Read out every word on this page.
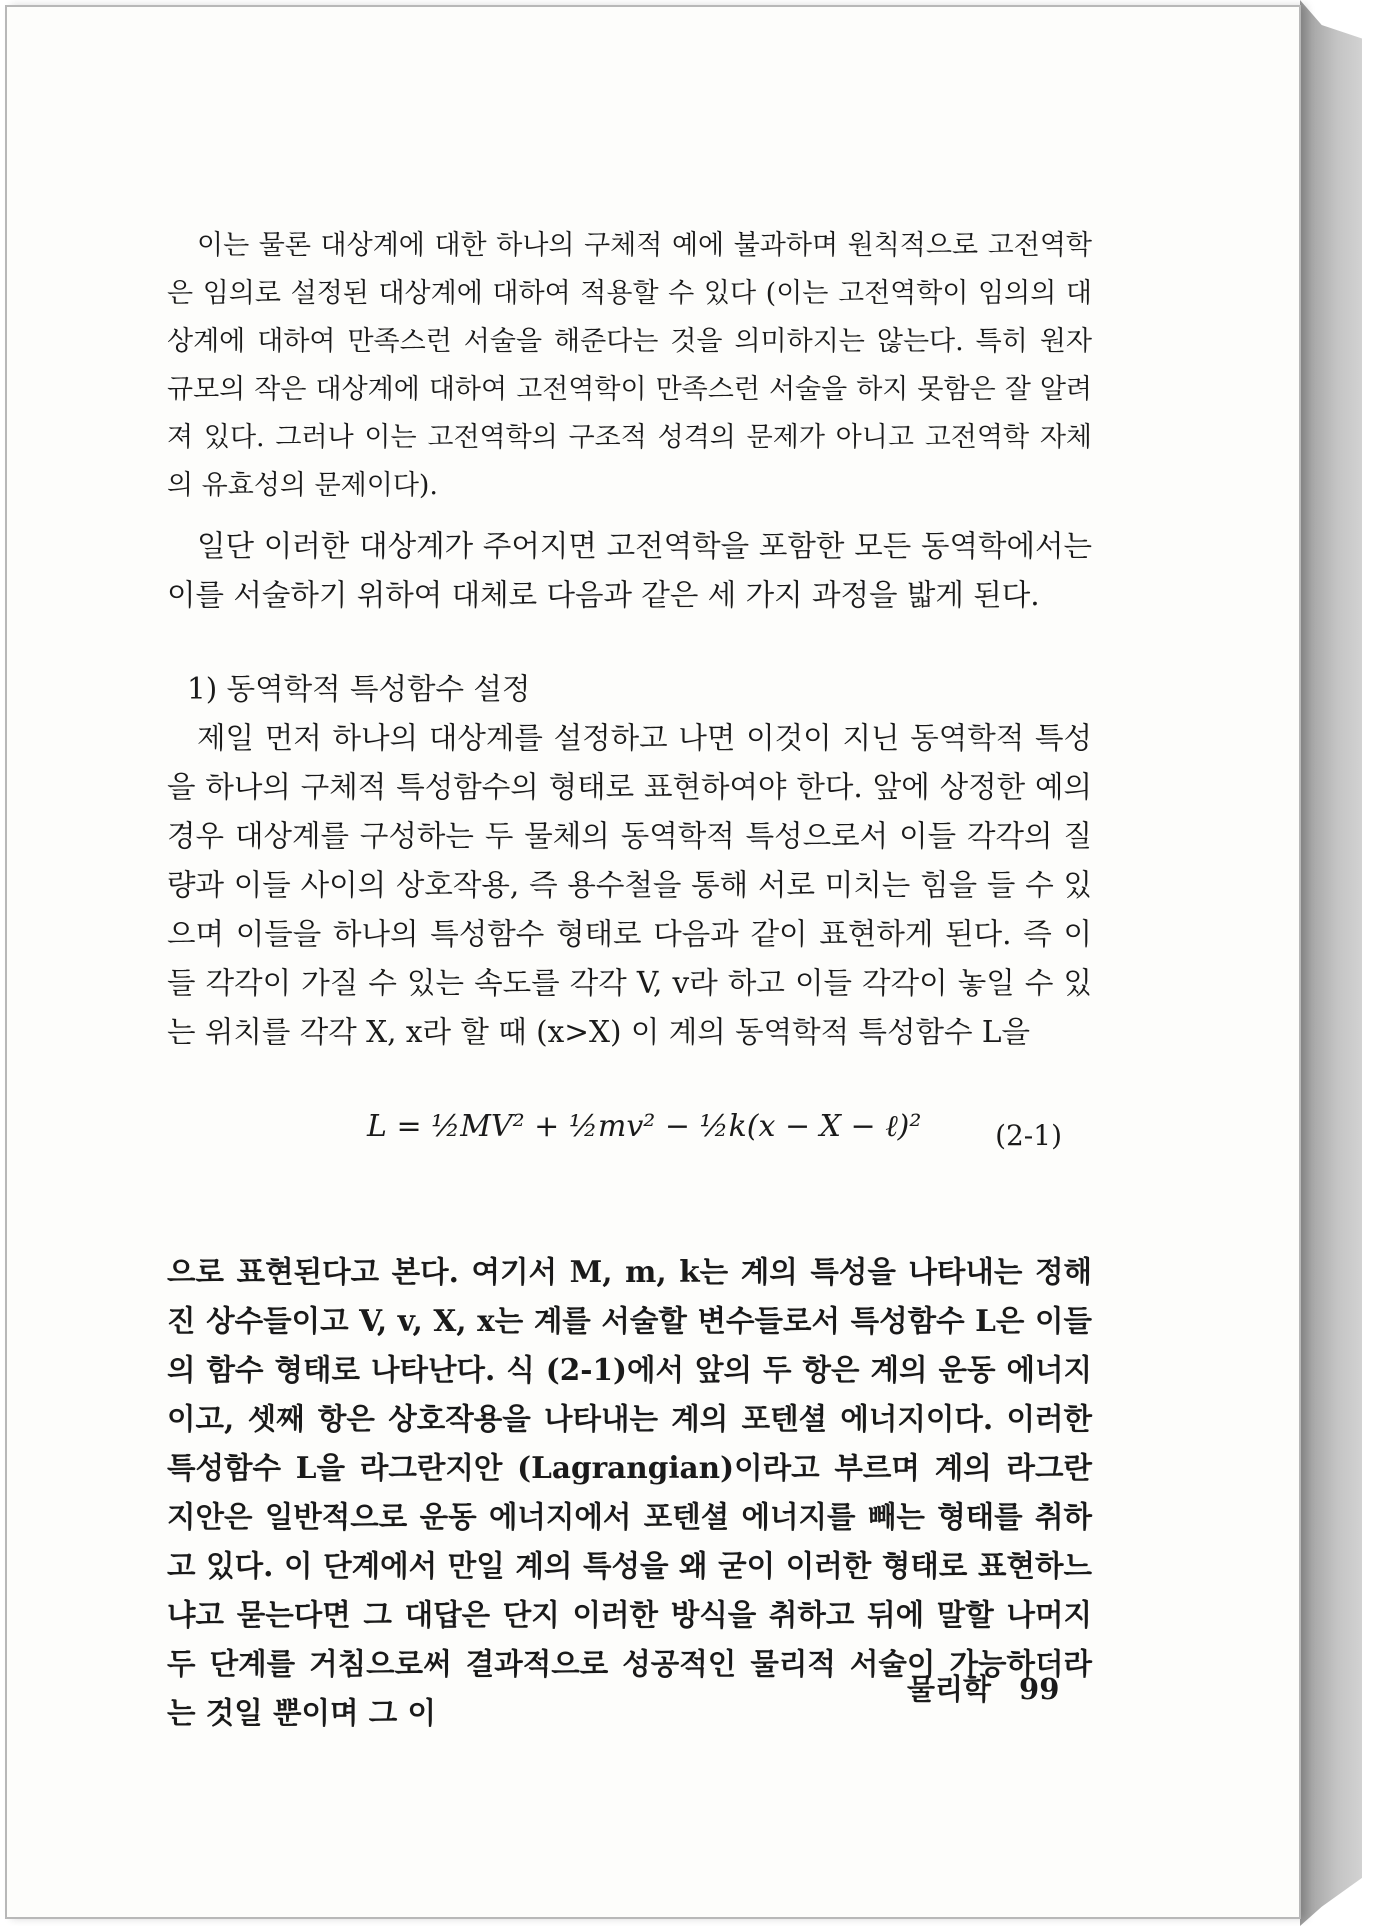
이는 물론 대상계에 대한 하나의 구체적 예에 불과하며 원칙적으로 고전역학은 임의로 설정된 대상계에 대하여 적용할 수 있다 (이는 고전역학이 임의의 대상계에 대하여 만족스런 서술을 해준다는 것을 의미하지는 않는다. 특히 원자 규모의 작은 대상계에 대하여 고전역학이 만족스런 서술을 하지 못함은 잘 알려져 있다. 그러나 이는 고전역학의 구조적 성격의 문제가 아니고 고전역학 자체의 유효성의 문제이다).

일단 이러한 대상계가 주어지면 고전역학을 포함한 모든 동역학에서는 이를 서술하기 위하여 대체로 다음과 같은 세 가지 과정을 밟게 된다.

1) 동역학적 특성함수 설정

제일 먼저 하나의 대상계를 설정하고 나면 이것이 지닌 동역학적 특성을 하나의 구체적 특성함수의 형태로 표현하여야 한다. 앞에 상정한 예의 경우 대상계를 구성하는 두 물체의 동역학적 특성으로서 이들 각각의 질량과 이들 사이의 상호작용, 즉 용수철을 통해 서로 미치는 힘을 들 수 있으며 이들을 하나의 특성함수 형태로 다음과 같이 표현하게 된다. 즉 이들 각각이 가질 수 있는 속도를 각각 V, v라 하고 이들 각각이 놓일 수 있는 위치를 각각 X, x라 할 때 (x>X) 이 계의 동역학적 특성함수 L을

L = ½MV² + ½mv² − ½k(x − X − ℓ)²	(2-1)

으로 표현된다고 본다. 여기서 M, m, k는 계의 특성을 나타내는 정해진 상수들이고 V, v, X, x는 계를 서술할 변수들로서 특성함수 L은 이들의 함수 형태로 나타난다. 식 (2-1)에서 앞의 두 항은 계의 운동 에너지이고, 셋째 항은 상호작용을 나타내는 계의 포텐셜 에너지이다. 이러한 특성함수 L을 라그란지안 (Lagrangian)이라고 부르며 계의 라그란지안은 일반적으로 운동 에너지에서 포텐셜 에너지를 빼는 형태를 취하고 있다. 이 단계에서 만일 계의 특성을 왜 굳이 이러한 형태로 표현하느냐고 묻는다면 그 대답은 단지 이러한 방식을 취하고 뒤에 말할 나머지 두 단계를 거침으로써 결과적으로 성공적인 물리적 서술이 가능하더라는 것일 뿐이며 그 이

물리학 99
